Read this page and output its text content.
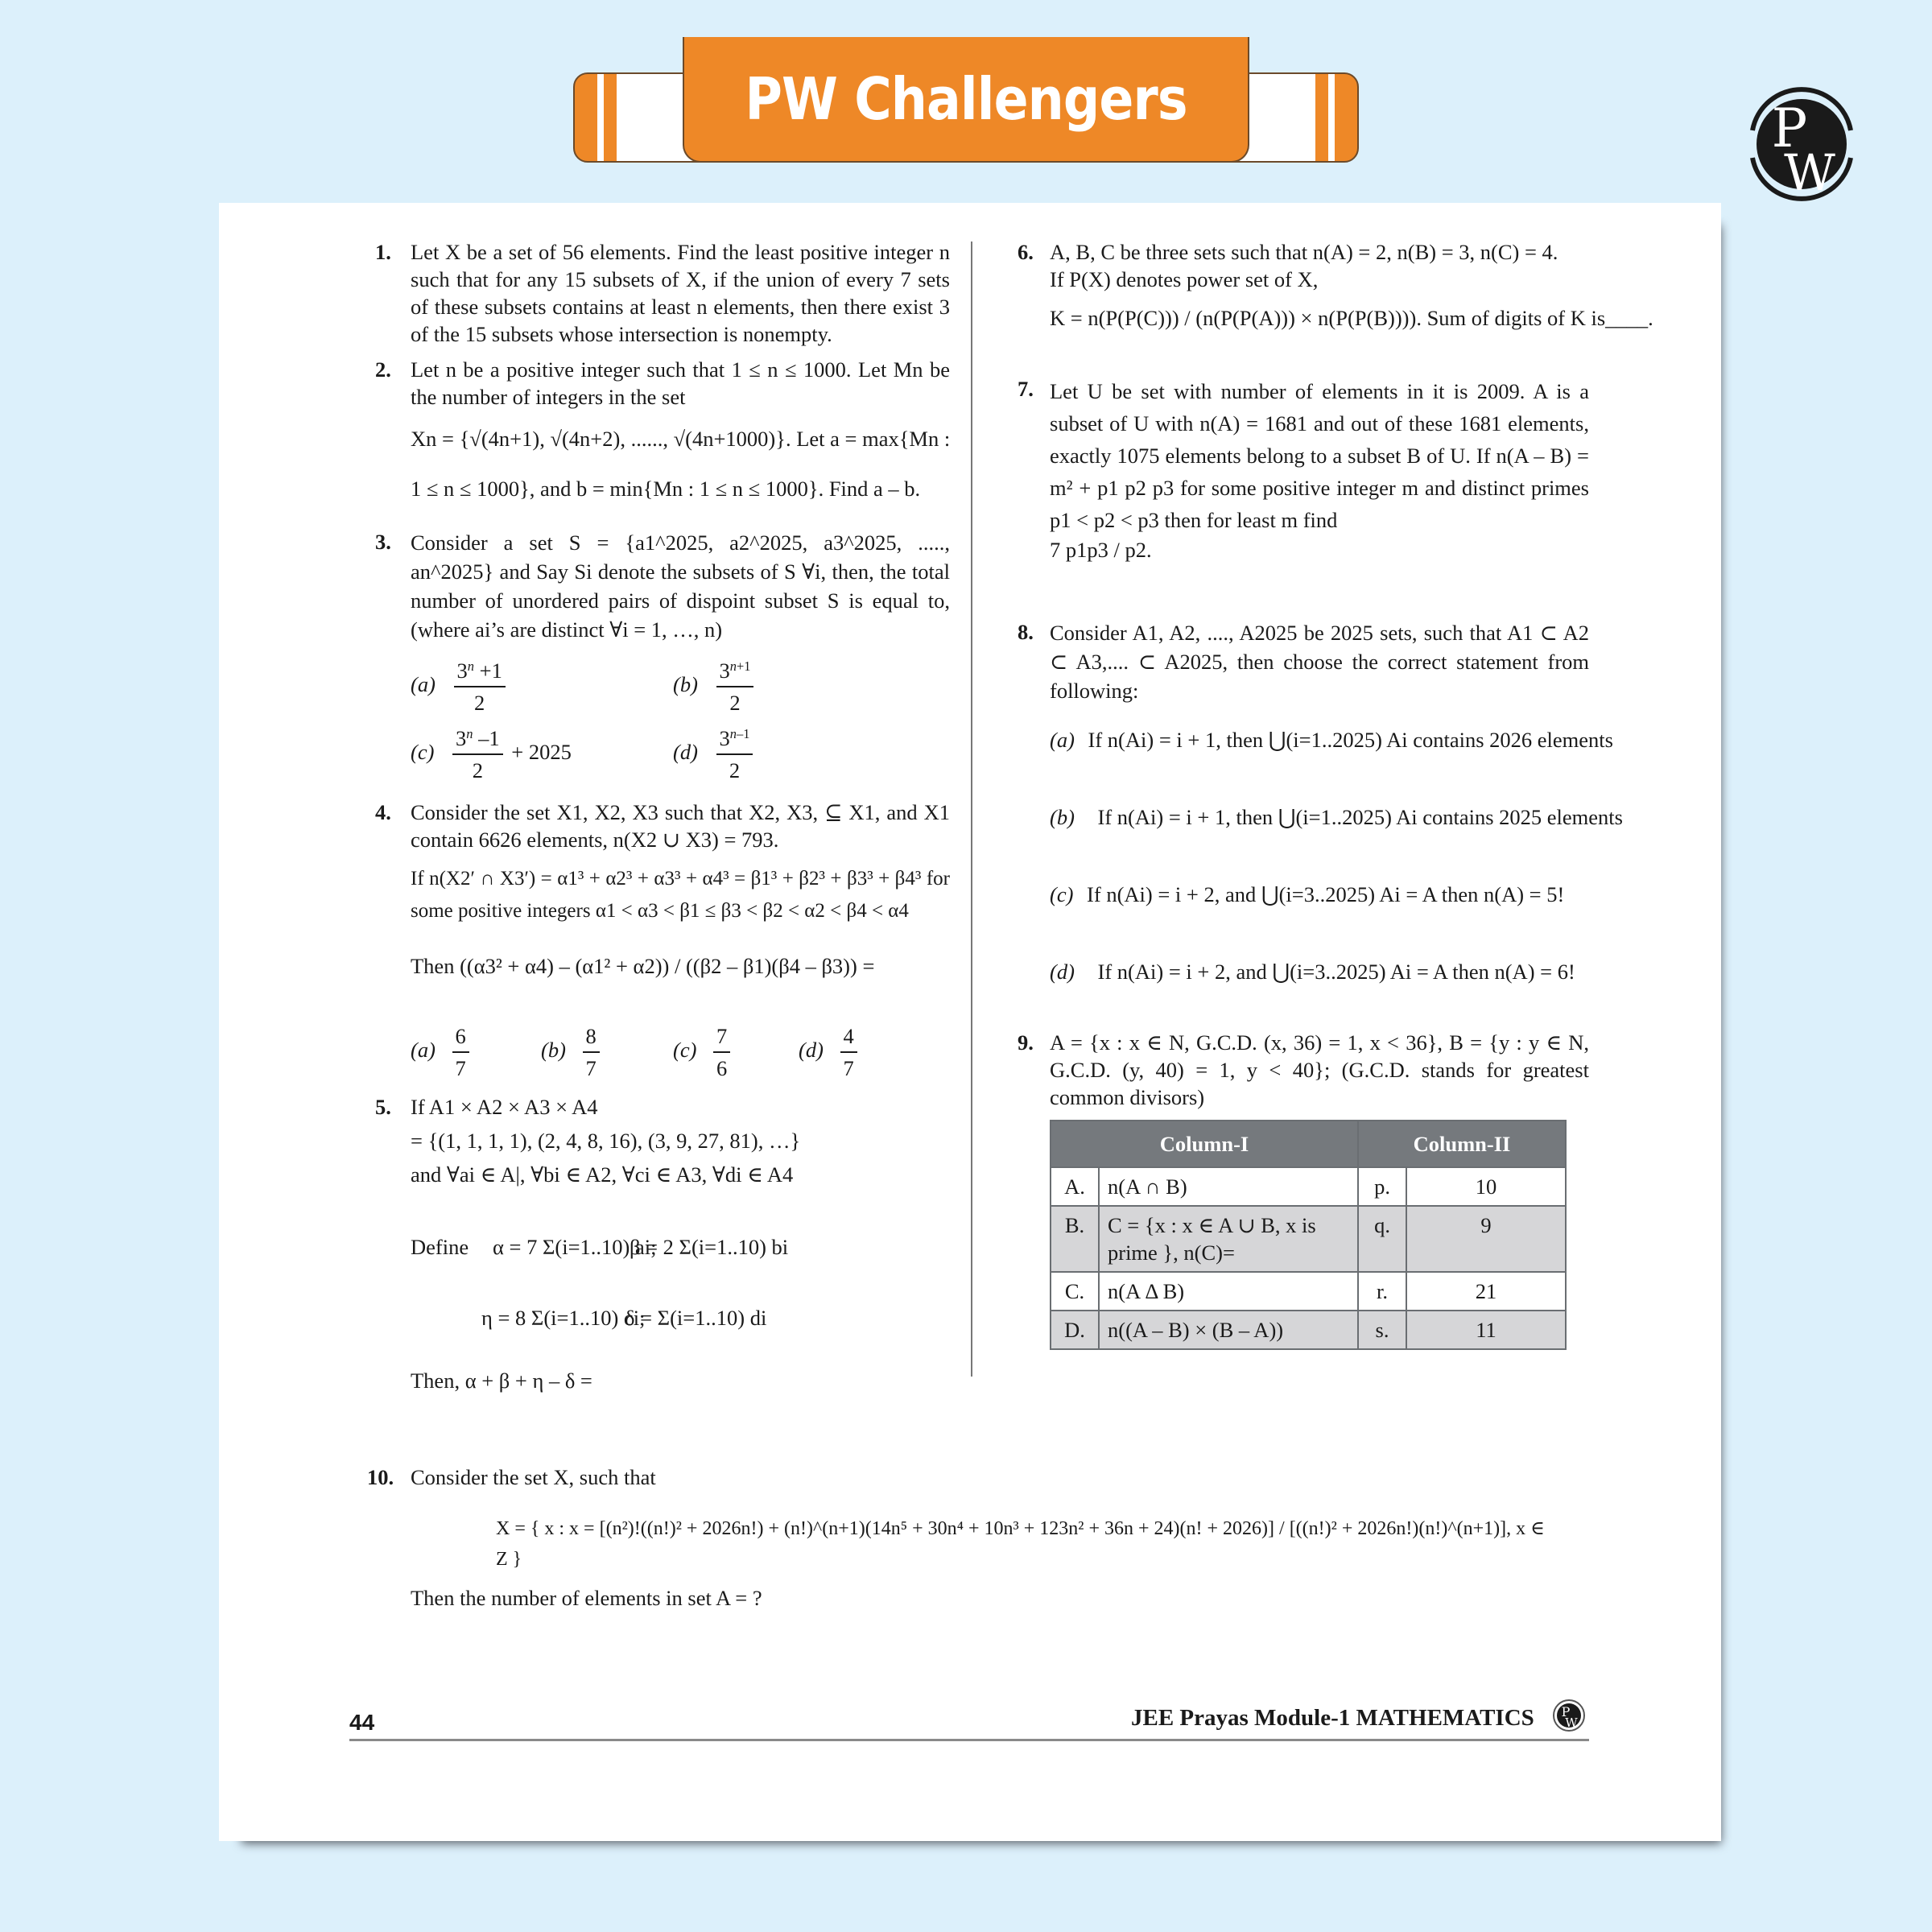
PW Challengers	P
W
1. Let X be a set of 56 elements. Find the least positive integer n such that for any 15 subsets of X, if the union of every 7 sets of these subsets contains at least n elements, then there exist 3 of the 15 subsets whose intersection is nonempty.
2. Let n be a positive integer such that 1 ≤ n ≤ 1000. Let Mn be the number of integers in the set
Xn = {√(4n+1), √(4n+2), ......, √(4n+1000)}. Let a = max{Mn :
1 ≤ n ≤ 1000}, and b = min{Mn : 1 ≤ n ≤ 1000}. Find a – b.
3. Consider a set S = {a1^2025, a2^2025, a3^2025, ....., an^2025} and Say Si denote the subsets of S ∀i, then, the total number of unordered pairs of dispoint subset S is equal to, (where ai’s are distinct ∀i = 1, …, n)
$(a) \frac{3^n +1}{2}$	$(b) \frac{3^{n+1}}{2}$
$(c) \frac{3^n -1}{2} + 2025$	$(d) \frac{3^{n-1}}{2}$
4. Consider the set X1, X2, X3 such that X2, X3, ⊆ X1, and X1 contain 6626 elements, n(X2 ∪ X3) = 793.
If n(X2′ ∩ X3′) = α1³ + α2³ + α3³ + α4³ = β1³ + β2³ + β3³ + β4³ for some positive integers α1 < α3 < β1 ≤ β3 < β2 < α2 < β4 < α4
Then ((α3² + α4) – (α1² + α2)) / ((β2 – β1)(β4 – β3)) =
$(a) \frac{6}{7}$	$(b) \frac{8}{7}$	$(c) \frac{7}{6}$	$(d) \frac{4}{7}$
5. If A1 × A2 × A3 × A4
= {(1, 1, 1, 1), (2, 4, 8, 16), (3, 9, 27, 81), …}
and ∀ai ∈ A|, ∀bi ∈ A2, ∀ci ∈ A3, ∀di ∈ A4
Define α = 7 Σ(i=1..10) ai;
β = 2 Σ(i=1..10) bi
η = 8 Σ(i=1..10) ci;
δ = Σ(i=1..10) di
Then, α + β + η – δ =
6. A, B, C be three sets such that n(A) = 2, n(B) = 3, n(C) = 4.
If P(X) denotes power set of X,
K = n(P(P(C))) / (n(P(P(A))) × n(P(P(B)))). Sum of digits of K is____.
7. Let U be set with number of elements in it is 2009. A is a subset of U with n(A) = 1681 and out of these 1681 elements, exactly 1075 elements belong to a subset B of U. If n(A – B) = m² + p1 p2 p3 for some positive integer m and distinct primes p1 < p2 < p3 then for least m find
7 p1p3 / p2.
8. Consider A1, A2, ...., A2025 be 2025 sets, such that A1 ⊂ A2 ⊂ A3,.... ⊂ A2025, then choose the correct statement from following:
(a) If n(Ai) = i + 1, then ⋃(i=1..2025) Ai contains 2026 elements
(b) If n(Ai) = i + 1, then ⋃(i=1..2025) Ai contains 2025 elements
(c) If n(Ai) = i + 2, and ⋃(i=3..2025) Ai = A then n(A) = 5!
(d) If n(Ai) = i + 2, and ⋃(i=3..2025) Ai = A then n(A) = 6!
9. A = {x : x ∈ N, G.C.D. (x, 36) = 1, x < 36}, B = {y : y ∈ N, G.C.D. (y, 40) = 1, y < 40}; (G.C.D. stands for greatest common divisors)
Column-I		Column-II	
A.	n(A ∩ B)	p.	10
B.	C = {x : x ∈ A ∪ B, x is prime }, n(C)=	q.	9
C.	n(A Δ B)	r.	21
D.	n((A – B) × (B – A))	s.	11
10. Consider the set X, such that
X = { x : x = [(n²)!((n!)² + 2026n!) + (n!)^(n+1)(14n⁵ + 30n⁴ + 10n³ + 123n² + 36n + 24)(n! + 2026)] / [((n!)² + 2026n!)(n!)^(n+1)], x ∈ Z }
Then the number of elements in set A = ?
44	JEE Prayas Module-1 MATHEMATICS P
W
